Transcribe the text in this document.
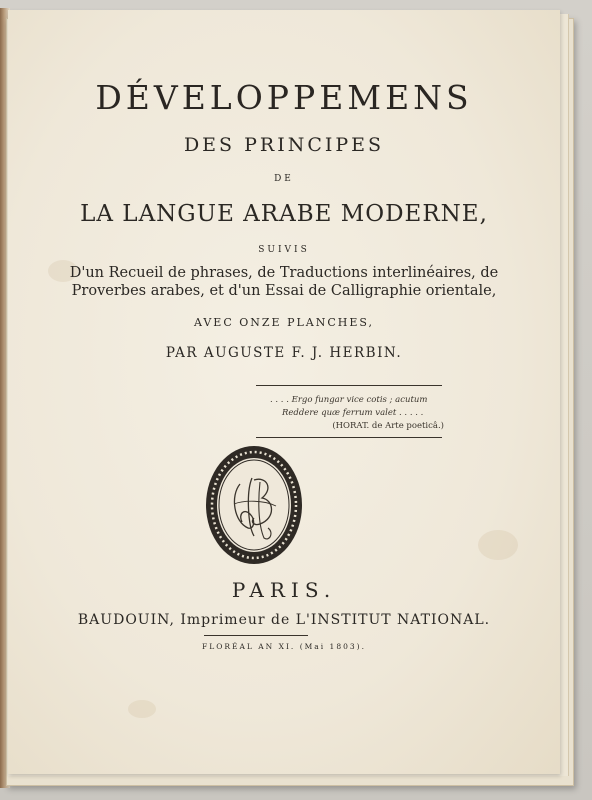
DÉVELOPPEMENS
DES PRINCIPES
DE
LA LANGUE ARABE MODERNE,
SUIVIS
D'un Recueil de phrases, de Traductions interlinéaires, de Proverbes arabes, et d'un Essai de Calligraphie orientale,
AVEC ONZE PLANCHES,
PAR AUGUSTE F. J. HERBIN.
. . . . Ergo fungar vice cotis ; acutum
Reddere quæ ferrum valet . . . . .
(HORAT. de Arte poeticâ.)
PARIS.
BAUDOUIN, Imprimeur de L'INSTITUT NATIONAL.
FLORÉAL AN XI. (Mai 1803).
